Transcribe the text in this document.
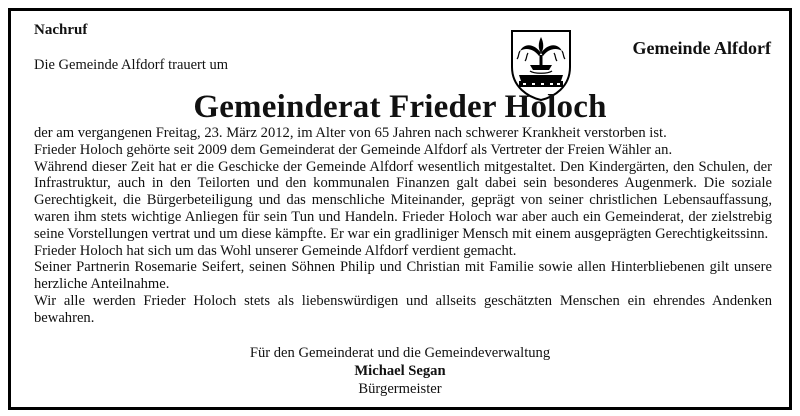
Nachruf
Die Gemeinde Alfdorf trauert um
Gemeinde Alfdorf
Gemeinderat Frieder Holoch

der am vergangenen Freitag, 23. März 2012, im Alter von 65 Jahren nach schwerer Krankheit verstorben ist.

Frieder Holoch gehörte seit 2009 dem Gemeinderat der Gemeinde Alfdorf als Vertreter der Freien Wähler an.

Während dieser Zeit hat er die Geschicke der Gemeinde Alfdorf wesentlich mitgestaltet. Den Kindergärten, den Schulen, der Infrastruktur, auch in den Teilorten und den kommunalen Finanzen galt dabei sein besonderes Augenmerk. Die soziale Gerechtigkeit, die Bürgerbeteiligung und das menschliche Miteinander, geprägt von seiner christlichen Lebensauffassung, waren ihm stets wichtige Anliegen für sein Tun und Handeln. Frieder Holoch war aber auch ein Gemeinderat, der zielstrebig seine Vorstellungen vertrat und um diese kämpfte. Er war ein gradliniger Mensch mit einem ausgeprägten Gerechtigkeitssinn.

Frieder Holoch hat sich um das Wohl unserer Gemeinde Alfdorf verdient gemacht.

Seiner Partnerin Rosemarie Seifert, seinen Söhnen Philip und Christian mit Familie sowie allen Hinterbliebenen gilt unsere herzliche Anteilnahme.

Wir alle werden Frieder Holoch stets als liebenswürdigen und allseits geschätzten Menschen ein ehrendes Andenken bewahren.

Für den Gemeinderat und die Gemeindeverwaltung
Michael Segan
Bürgermeister
